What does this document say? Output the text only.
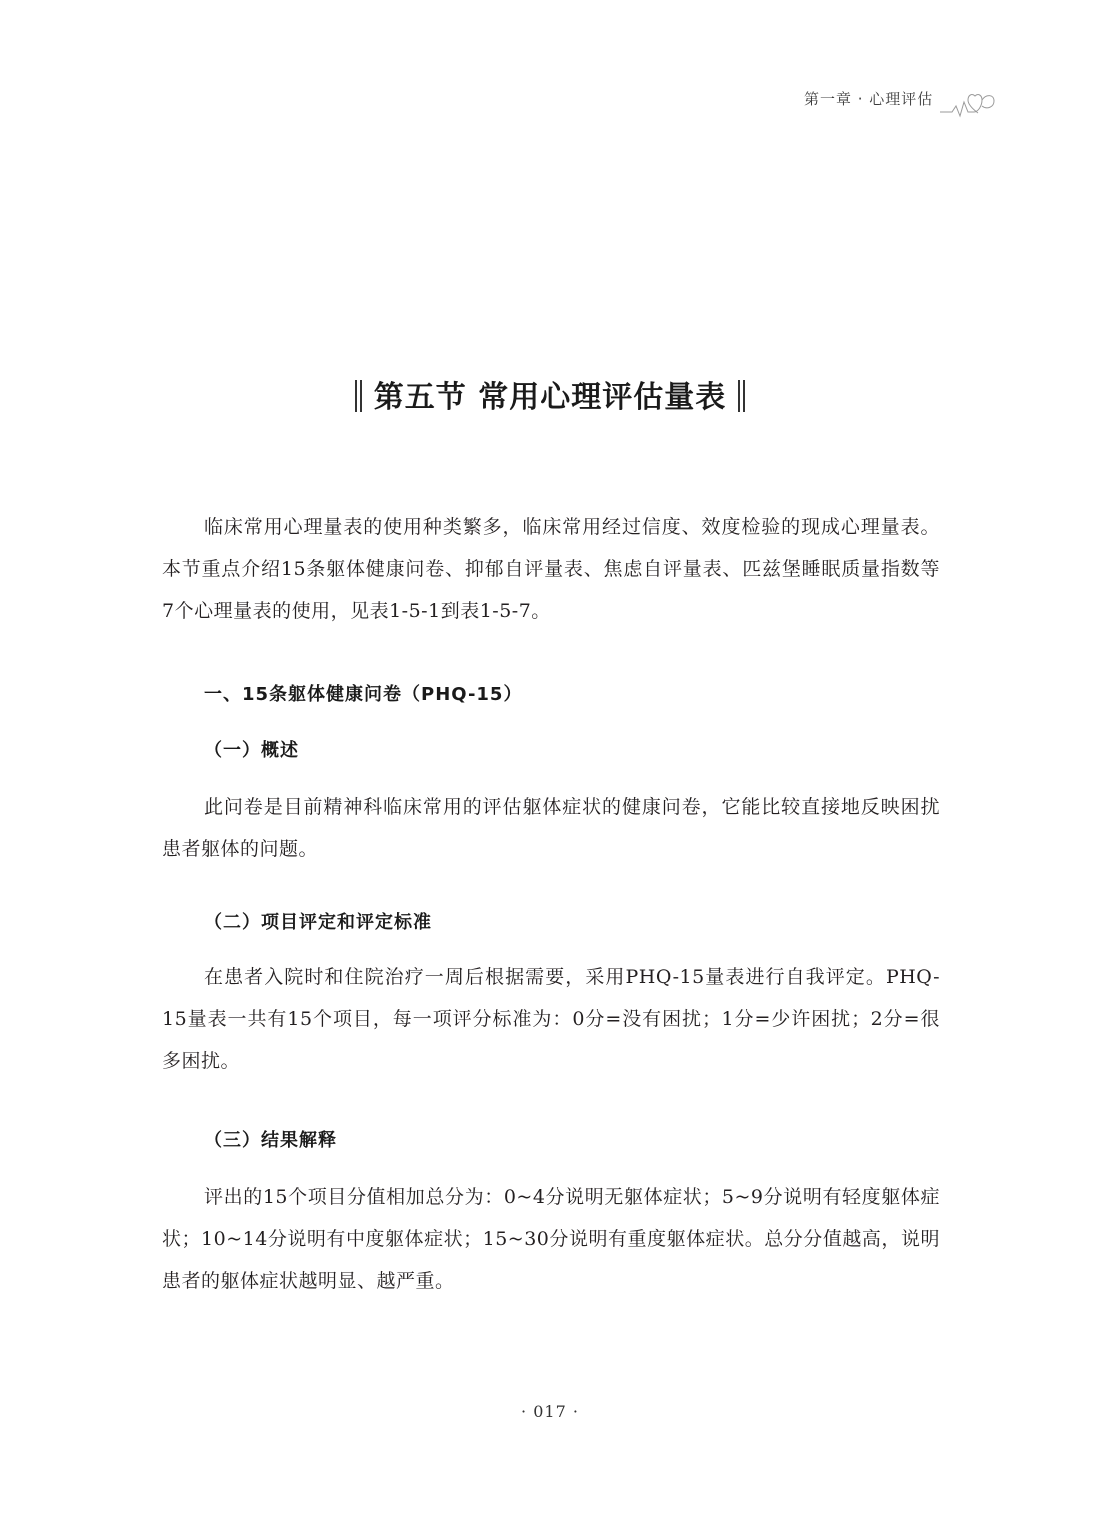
第一章 · 心理评估
第五节 常用心理评估量表
临床常用心理量表的使用种类繁多，临床常用经过信度、效度检验的现成心理量表。本节重点介绍15条躯体健康问卷、抑郁自评量表、焦虑自评量表、匹兹堡睡眠质量指数等7个心理量表的使用，见表1-5-1到表1-5-7。
一、15条躯体健康问卷（PHQ-15）
（一）概述
此问卷是目前精神科临床常用的评估躯体症状的健康问卷，它能比较直接地反映困扰患者躯体的问题。
（二）项目评定和评定标准
在患者入院时和住院治疗一周后根据需要，采用PHQ-15量表进行自我评定。PHQ-15量表一共有15个项目，每一项评分标准为：0分=没有困扰；1分=少许困扰；2分=很多困扰。
（三）结果解释
评出的15个项目分值相加总分为：0~4分说明无躯体症状；5~9分说明有轻度躯体症状；10~14分说明有中度躯体症状；15~30分说明有重度躯体症状。总分分值越高，说明患者的躯体症状越明显、越严重。
· 017 ·
